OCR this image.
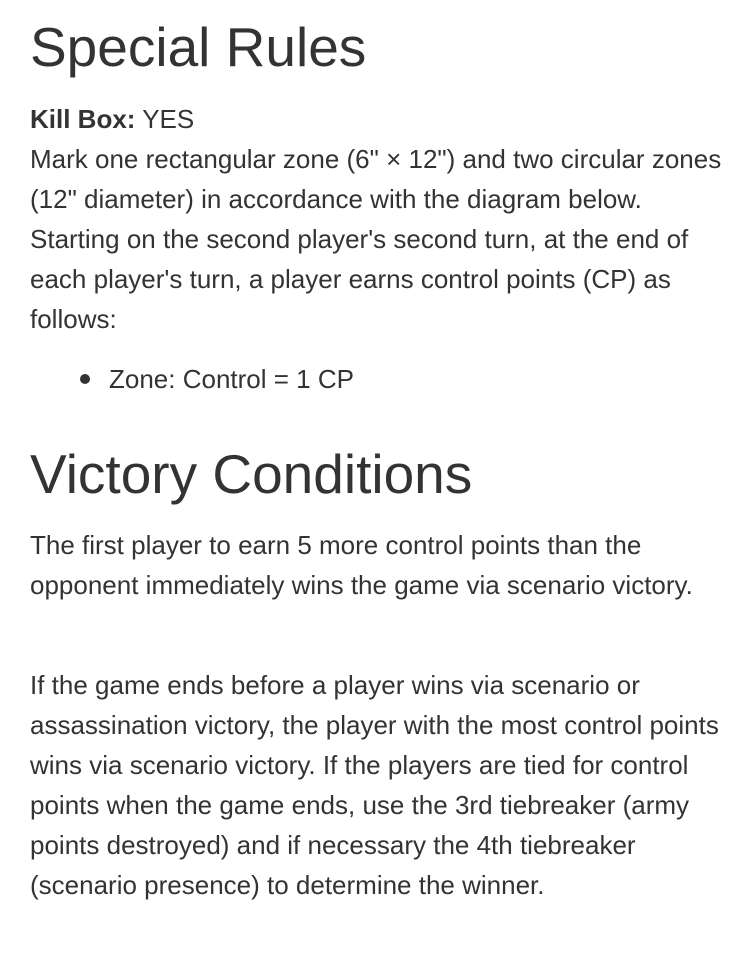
Special Rules
Kill Box: YES
Mark one rectangular zone (6" × 12") and two circular zones (12" diameter) in accordance with the diagram below. Starting on the second player's second turn, at the end of each player's turn, a player earns control points (CP) as follows:
Zone: Control = 1 CP
Victory Conditions

The first player to earn 5 more control points than the opponent immediately wins the game via scenario victory.

If the game ends before a player wins via scenario or assassination victory, the player with the most control points wins via scenario victory. If the players are tied for control points when the game ends, use the 3rd tiebreaker (army points destroyed) and if necessary the 4th tiebreaker (scenario presence) to determine the winner.
